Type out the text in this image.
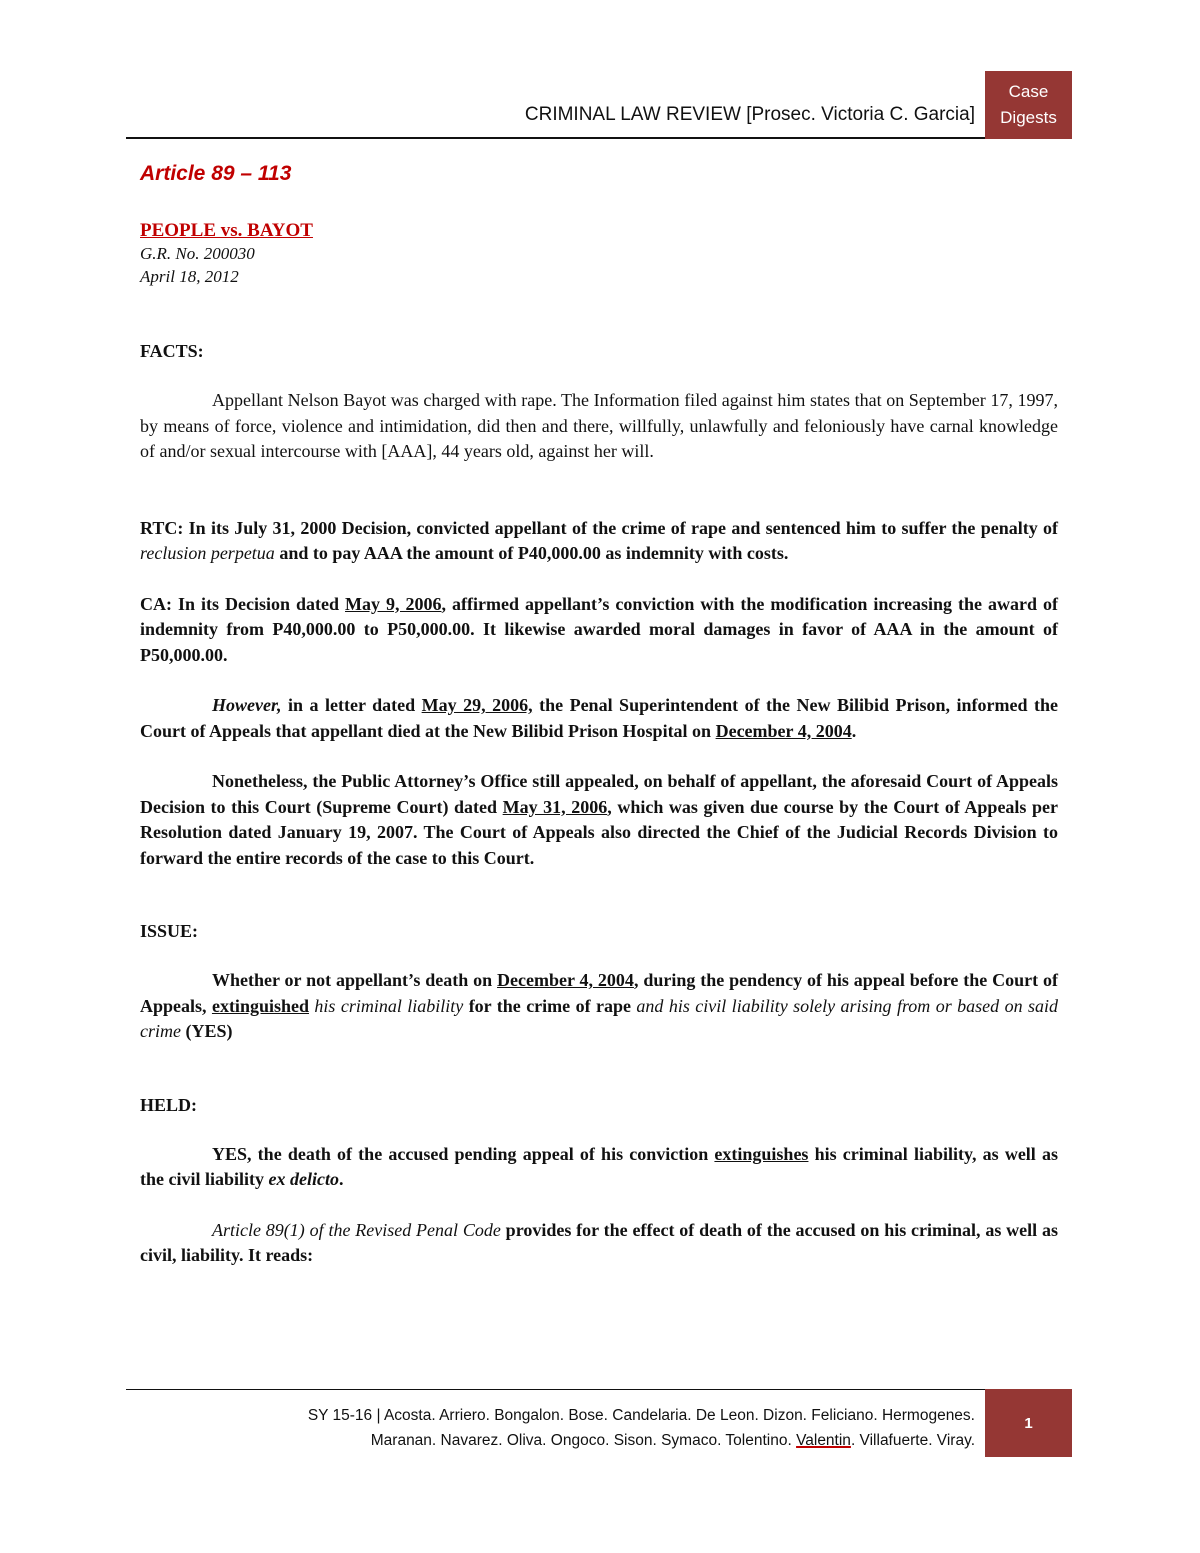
CRIMINAL LAW REVIEW [Prosec. Victoria C. Garcia]
Case
Digests
Article 89 – 113
PEOPLE vs. BAYOT
G.R. No. 200030
April 18, 2012
FACTS:

Appellant Nelson Bayot was charged with rape. The Information filed against him states that on September 17, 1997, by means of force, violence and intimidation, did then and there, willfully, unlawfully and feloniously have carnal knowledge of and/or sexual intercourse with [AAA], 44 years old, against her will.

RTC: In its July 31, 2000 Decision, convicted appellant of the crime of rape and sentenced him to suffer the penalty of reclusion perpetua and to pay AAA the amount of P40,000.00 as indemnity with costs.

CA: In its Decision dated May 9, 2006, affirmed appellant’s conviction with the modification increasing the award of indemnity from P40,000.00 to P50,000.00. It likewise awarded moral damages in favor of AAA in the amount of P50,000.00.

However, in a letter dated May 29, 2006, the Penal Superintendent of the New Bilibid Prison, informed the Court of Appeals that appellant died at the New Bilibid Prison Hospital on December 4, 2004.

Nonetheless, the Public Attorney’s Office still appealed, on behalf of appellant, the aforesaid Court of Appeals Decision to this Court (Supreme Court) dated May 31, 2006, which was given due course by the Court of Appeals per Resolution dated January 19, 2007. The Court of Appeals also directed the Chief of the Judicial Records Division to forward the entire records of the case to this Court.

ISSUE:

Whether or not appellant’s death on December 4, 2004, during the pendency of his appeal before the Court of Appeals, extinguished his criminal liability for the crime of rape and his civil liability solely arising from or based on said crime (YES)

HELD:

YES, the death of the accused pending appeal of his conviction extinguishes his criminal liability, as well as the civil liability ex delicto.

Article 89(1) of the Revised Penal Code provides for the effect of death of the accused on his criminal, as well as civil, liability. It reads:

SY 15-16 | Acosta. Arriero. Bongalon. Bose. Candelaria. De Leon. Dizon. Feliciano. Hermogenes.
Maranan. Navarez. Oliva. Ongoco. Sison. Symaco. Tolentino. Valentin. Villafuerte. Viray.
1
